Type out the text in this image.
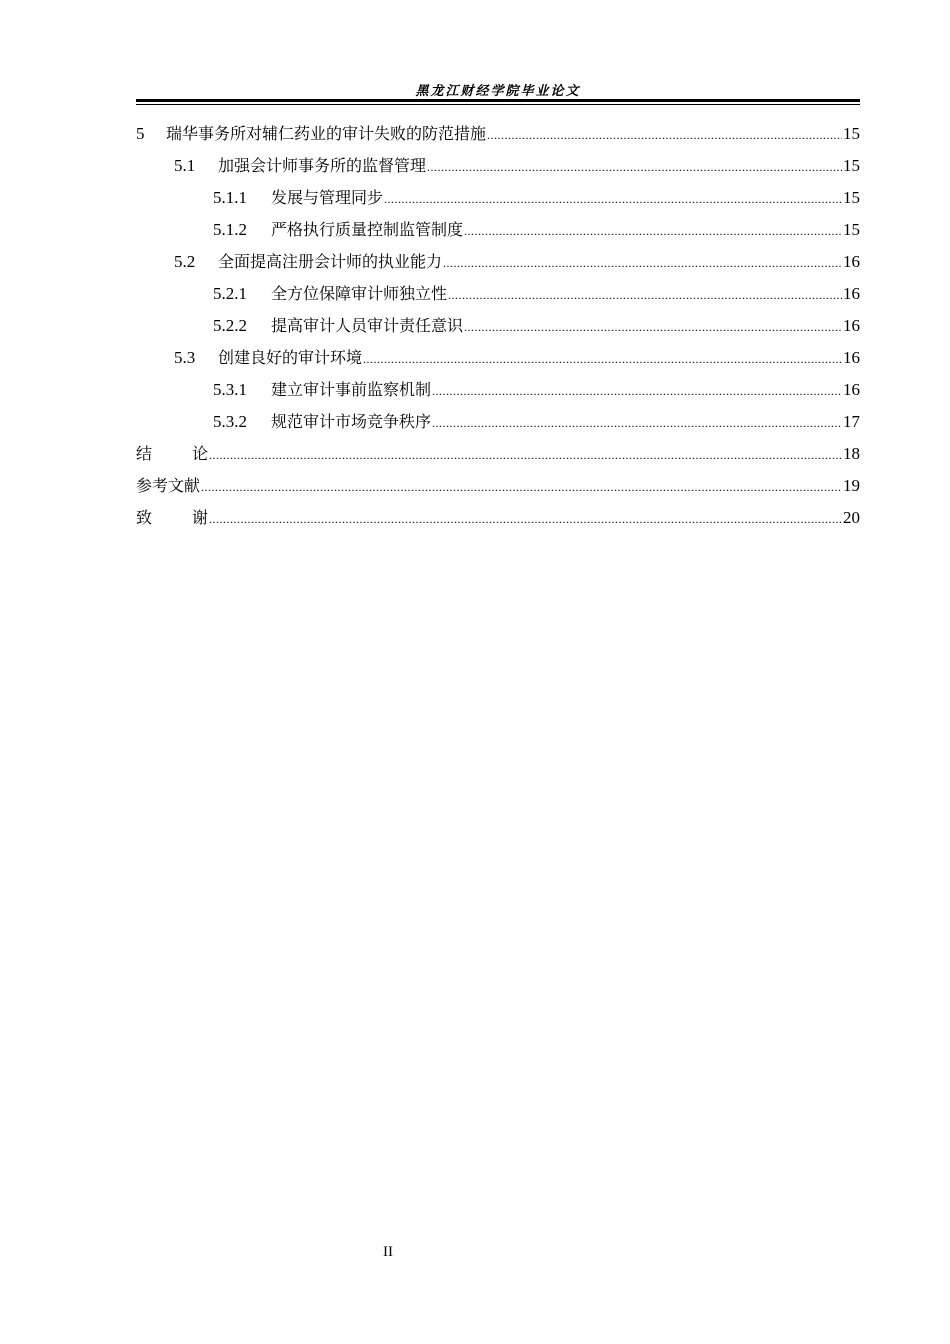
黑龙江财经学院毕业论文
5	瑞华事务所对辅仁药业的审计失败的防范措施 .....	15
5.1	加强会计师事务所的监督管理 .....	15
5.1.1	发展与管理同步 .....	15
5.1.2	严格执行质量控制监管制度 .....	15
5.2	全面提高注册会计师的执业能力 .....	16
5.2.1	全方位保障审计师独立性 .....	16
5.2.2	提高审计人员审计责任意识 .....	16
5.3	创建良好的审计环境 .....	16
5.3.1	建立审计事前监察机制 .....	16
5.3.2	规范审计市场竞争秩序 .....	17
结论 .....	18
参考文献 .....	19
致谢 .....	20
II
